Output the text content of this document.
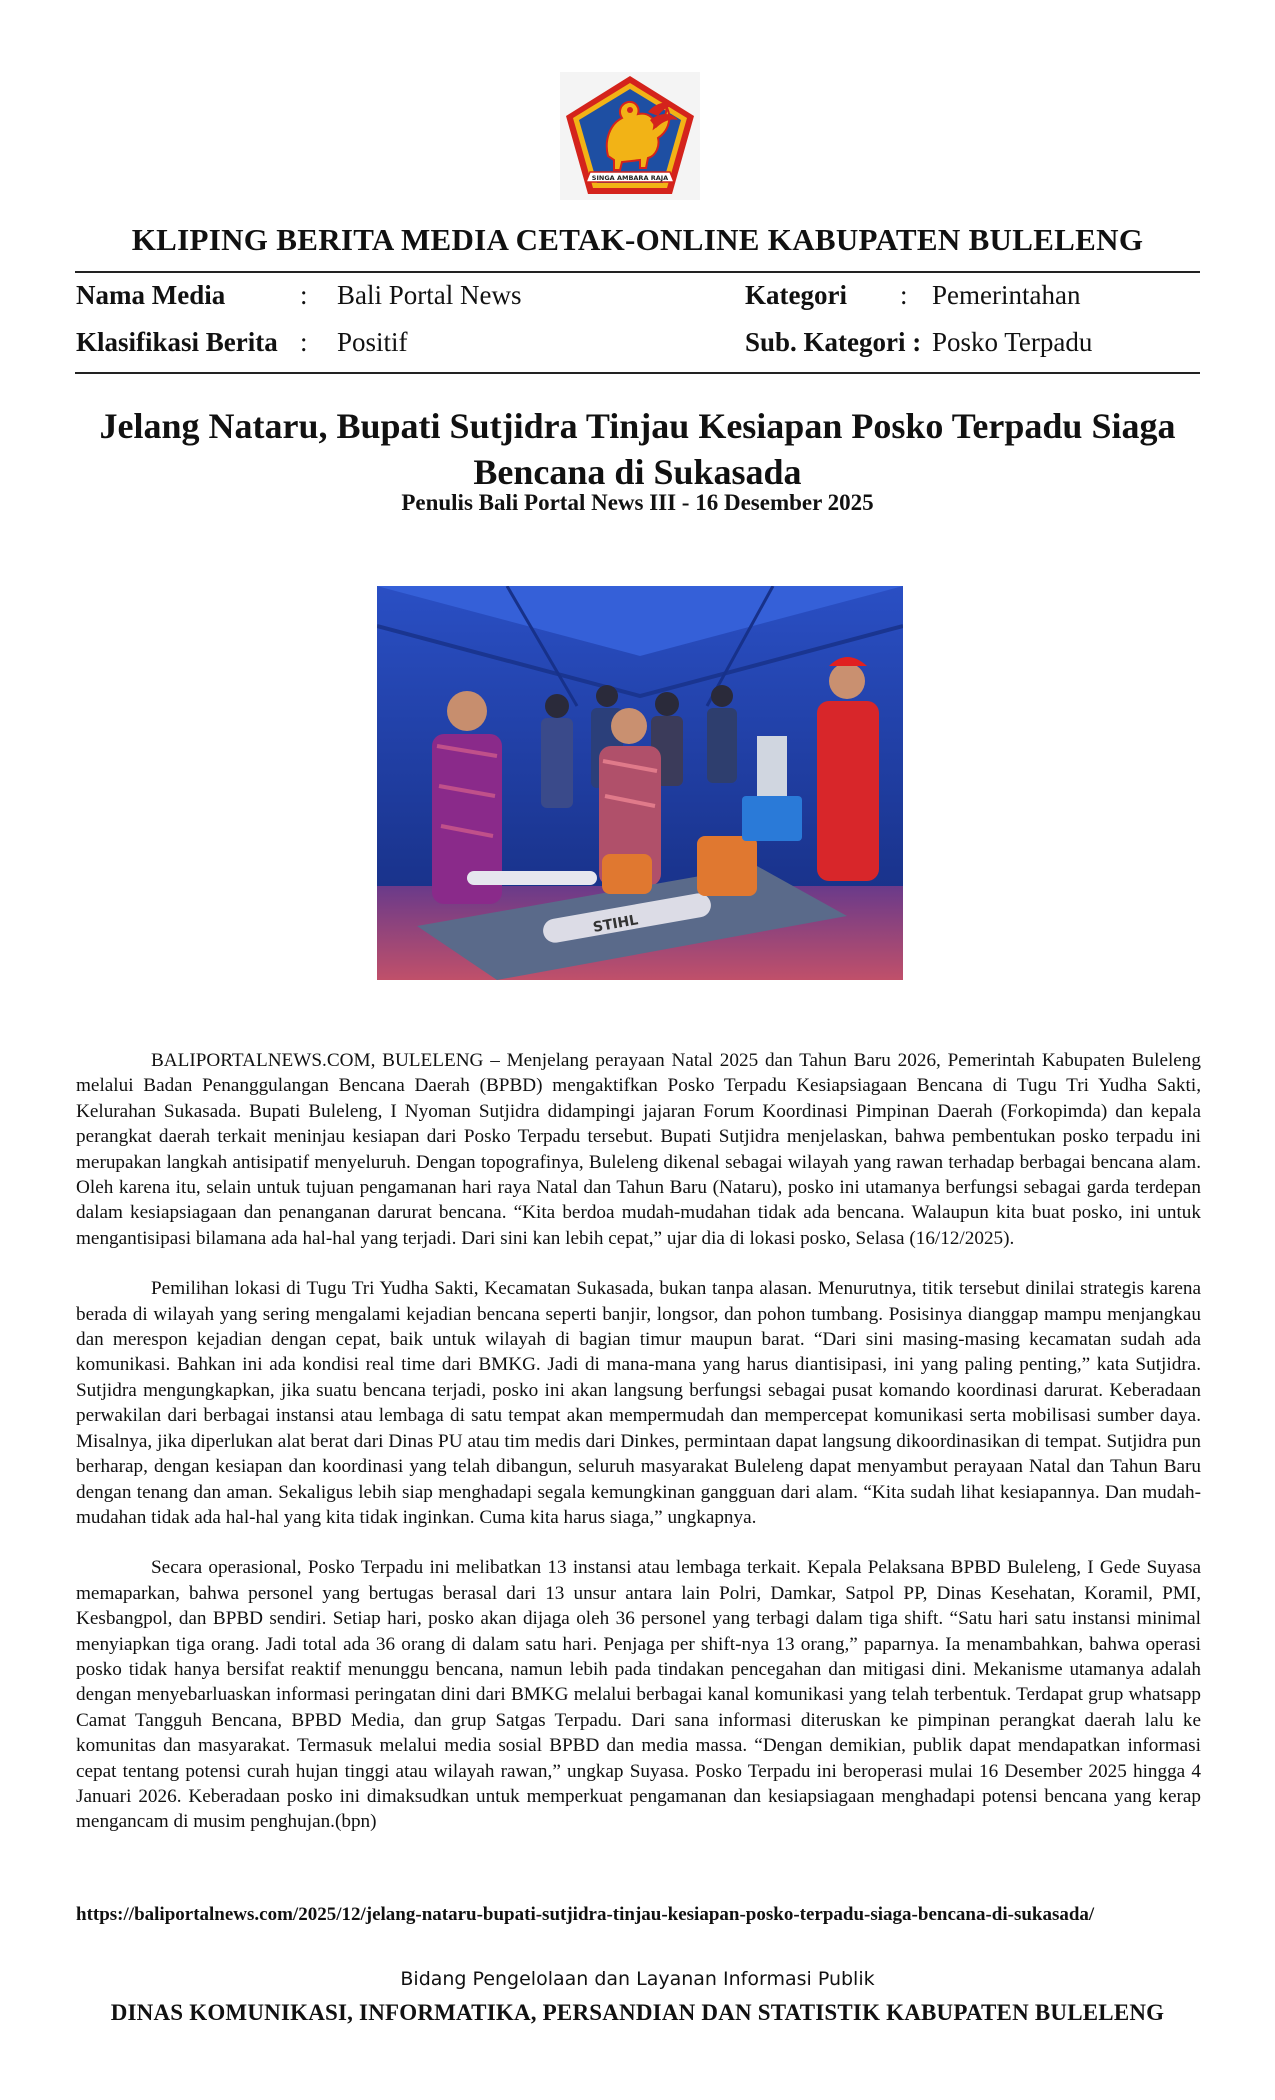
SINGA AMBARA RAJA
KLIPING BERITA MEDIA CETAK-ONLINE KABUPATEN BULELENG
Nama Media	: Bali Portal News
Klasifikasi Berita : Positif
Kategori : Pemerintahan
Sub. Kategori : Posko Terpadu
Jelang Nataru, Bupati Sutjidra Tinjau Kesiapan Posko Terpadu Siaga
Bencana di Sukasada
Penulis Bali Portal News III - 16 Desember 2025
STIHL

BALIPORTALNEWS.COM, BULELENG – Menjelang perayaan Natal 2025 dan Tahun Baru 2026, Pemerintah Kabupaten Buleleng melalui Badan Penanggulangan Bencana Daerah (BPBD) mengaktifkan Posko Terpadu Kesiapsiagaan Bencana di Tugu Tri Yudha Sakti, Kelurahan Sukasada. Bupati Buleleng, I Nyoman Sutjidra didampingi jajaran Forum Koordinasi Pimpinan Daerah (Forkopimda) dan kepala perangkat daerah terkait meninjau kesiapan dari Posko Terpadu tersebut. Bupati Sutjidra menjelaskan, bahwa pembentukan posko terpadu ini merupakan langkah antisipatif menyeluruh. Dengan topografinya, Buleleng dikenal sebagai wilayah yang rawan terhadap berbagai bencana alam. Oleh karena itu, selain untuk tujuan pengamanan hari raya Natal dan Tahun Baru (Nataru), posko ini utamanya berfungsi sebagai garda terdepan dalam kesiapsiagaan dan penanganan darurat bencana. “Kita berdoa mudah-mudahan tidak ada bencana. Walaupun kita buat posko, ini untuk mengantisipasi bilamana ada hal-hal yang terjadi. Dari sini kan lebih cepat,” ujar dia di lokasi posko, Selasa (16/12/2025).

Pemilihan lokasi di Tugu Tri Yudha Sakti, Kecamatan Sukasada, bukan tanpa alasan. Menurutnya, titik tersebut dinilai strategis karena berada di wilayah yang sering mengalami kejadian bencana seperti banjir, longsor, dan pohon tumbang. Posisinya dianggap mampu menjangkau dan merespon kejadian dengan cepat, baik untuk wilayah di bagian timur maupun barat. “Dari sini masing-masing kecamatan sudah ada komunikasi. Bahkan ini ada kondisi real time dari BMKG. Jadi di mana-mana yang harus diantisipasi, ini yang paling penting,” kata Sutjidra. Sutjidra mengungkapkan, jika suatu bencana terjadi, posko ini akan langsung berfungsi sebagai pusat komando koordinasi darurat. Keberadaan perwakilan dari berbagai instansi atau lembaga di satu tempat akan mempermudah dan mempercepat komunikasi serta mobilisasi sumber daya. Misalnya, jika diperlukan alat berat dari Dinas PU atau tim medis dari Dinkes, permintaan dapat langsung dikoordinasikan di tempat. Sutjidra pun berharap, dengan kesiapan dan koordinasi yang telah dibangun, seluruh masyarakat Buleleng dapat menyambut perayaan Natal dan Tahun Baru dengan tenang dan aman. Sekaligus lebih siap menghadapi segala kemungkinan gangguan dari alam. “Kita sudah lihat kesiapannya. Dan mudah-mudahan tidak ada hal-hal yang kita tidak inginkan. Cuma kita harus siaga,” ungkapnya.

Secara operasional, Posko Terpadu ini melibatkan 13 instansi atau lembaga terkait. Kepala Pelaksana BPBD Buleleng, I Gede Suyasa memaparkan, bahwa personel yang bertugas berasal dari 13 unsur antara lain Polri, Damkar, Satpol PP, Dinas Kesehatan, Koramil, PMI, Kesbangpol, dan BPBD sendiri. Setiap hari, posko akan dijaga oleh 36 personel yang terbagi dalam tiga shift. “Satu hari satu instansi minimal menyiapkan tiga orang. Jadi total ada 36 orang di dalam satu hari. Penjaga per shift-nya 13 orang,” paparnya. Ia menambahkan, bahwa operasi posko tidak hanya bersifat reaktif menunggu bencana, namun lebih pada tindakan pencegahan dan mitigasi dini. Mekanisme utamanya adalah dengan menyebarluaskan informasi peringatan dini dari BMKG melalui berbagai kanal komunikasi yang telah terbentuk. Terdapat grup whatsapp Camat Tangguh Bencana, BPBD Media, dan grup Satgas Terpadu. Dari sana informasi diteruskan ke pimpinan perangkat daerah lalu ke komunitas dan masyarakat. Termasuk melalui media sosial BPBD dan media massa. “Dengan demikian, publik dapat mendapatkan informasi cepat tentang potensi curah hujan tinggi atau wilayah rawan,” ungkap Suyasa. Posko Terpadu ini beroperasi mulai 16 Desember 2025 hingga 4 Januari 2026. Keberadaan posko ini dimaksudkan untuk memperkuat pengamanan dan kesiapsiagaan menghadapi potensi bencana yang kerap mengancam di musim penghujan.(bpn)

https://baliportalnews.com/2025/12/jelang-nataru-bupati-sutjidra-tinjau-kesiapan-posko-terpadu-siaga-bencana-di-sukasada/
Bidang Pengelolaan dan Layanan Informasi Publik
DINAS KOMUNIKASI, INFORMATIKA, PERSANDIAN DAN STATISTIK KABUPATEN BULELENG
